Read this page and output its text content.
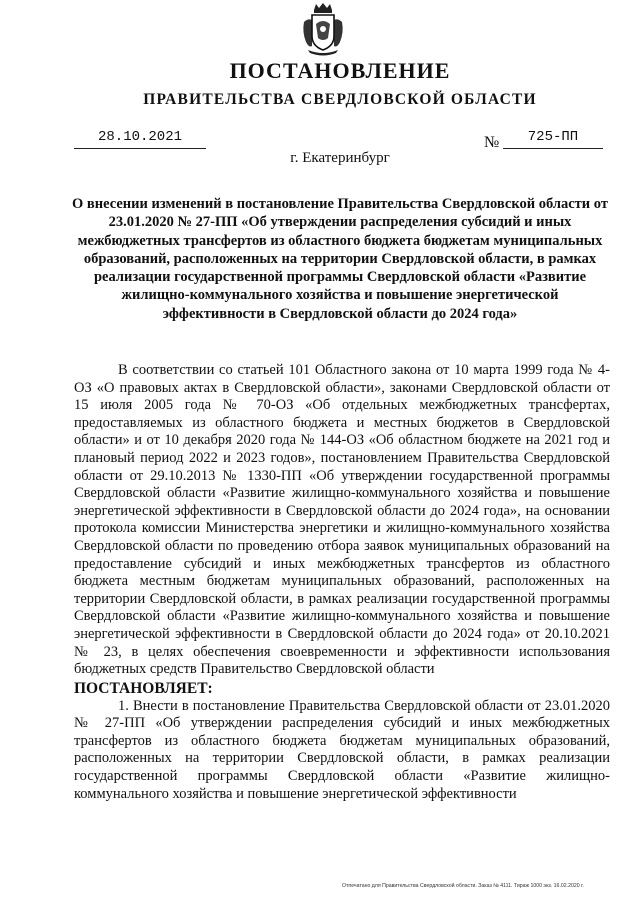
ПОСТАНОВЛЕНИЕ
ПРАВИТЕЛЬСТВА СВЕРДЛОВСКОЙ ОБЛАСТИ
28.10.2021	№	725-ПП
г. Екатеринбург
О внесении изменений в постановление Правительства Свердловской области от 23.01.2020 № 27-ПП «Об утверждении распределения субсидий и иных межбюджетных трансфертов из областного бюджета бюджетам муниципальных образований, расположенных на территории Свердловской области, в рамках реализации государственной программы Свердловской области «Развитие жилищно-коммунального хозяйства и повышение энергетической эффективности в Свердловской области до 2024 года»

В соответствии со статьей 101 Областного закона от 10 марта 1999 года № 4-ОЗ «О правовых актах в Свердловской области», законами Свердловской области от 15 июля 2005 года № 70-ОЗ «Об отдельных межбюджетных трансфертах, предоставляемых из областного бюджета и местных бюджетов в Свердловской области» и от 10 декабря 2020 года № 144-ОЗ «Об областном бюджете на 2021 год и плановый период 2022 и 2023 годов», постановлением Правительства Свердловской области от 29.10.2013 № 1330-ПП «Об утверждении государственной программы Свердловской области «Развитие жилищно-коммунального хозяйства и повышение энергетической эффективности в Свердловской области до 2024 года», на основании протокола комиссии Министерства энергетики и жилищно-коммунального хозяйства Свердловской области по проведению отбора заявок муниципальных образований на предоставление субсидий и иных межбюджетных трансфертов из областного бюджета местным бюджетам муниципальных образований, расположенных на территории Свердловской области, в рамках реализации государственной программы Свердловской области «Развитие жилищно-коммунального хозяйства и повышение энергетической эффективности в Свердловской области до 2024 года» от 20.10.2021 № 23, в целях обеспечения своевременности и эффективности использования бюджетных средств Правительство Свердловской области

ПОСТАНОВЛЯЕТ:

1. Внести в постановление Правительства Свердловской области от 23.01.2020 № 27-ПП «Об утверждении распределения субсидий и иных межбюджетных трансфертов из областного бюджета бюджетам муниципальных образований, расположенных на территории Свердловской области, в рамках реализации государственной программы Свердловской области «Развитие жилищно-коммунального хозяйства и повышение энергетической эффективности

Отпечатано для Правительства Свердловской области. Заказ № 4111. Тираж 1000 экз. 16.02.2020 г.
